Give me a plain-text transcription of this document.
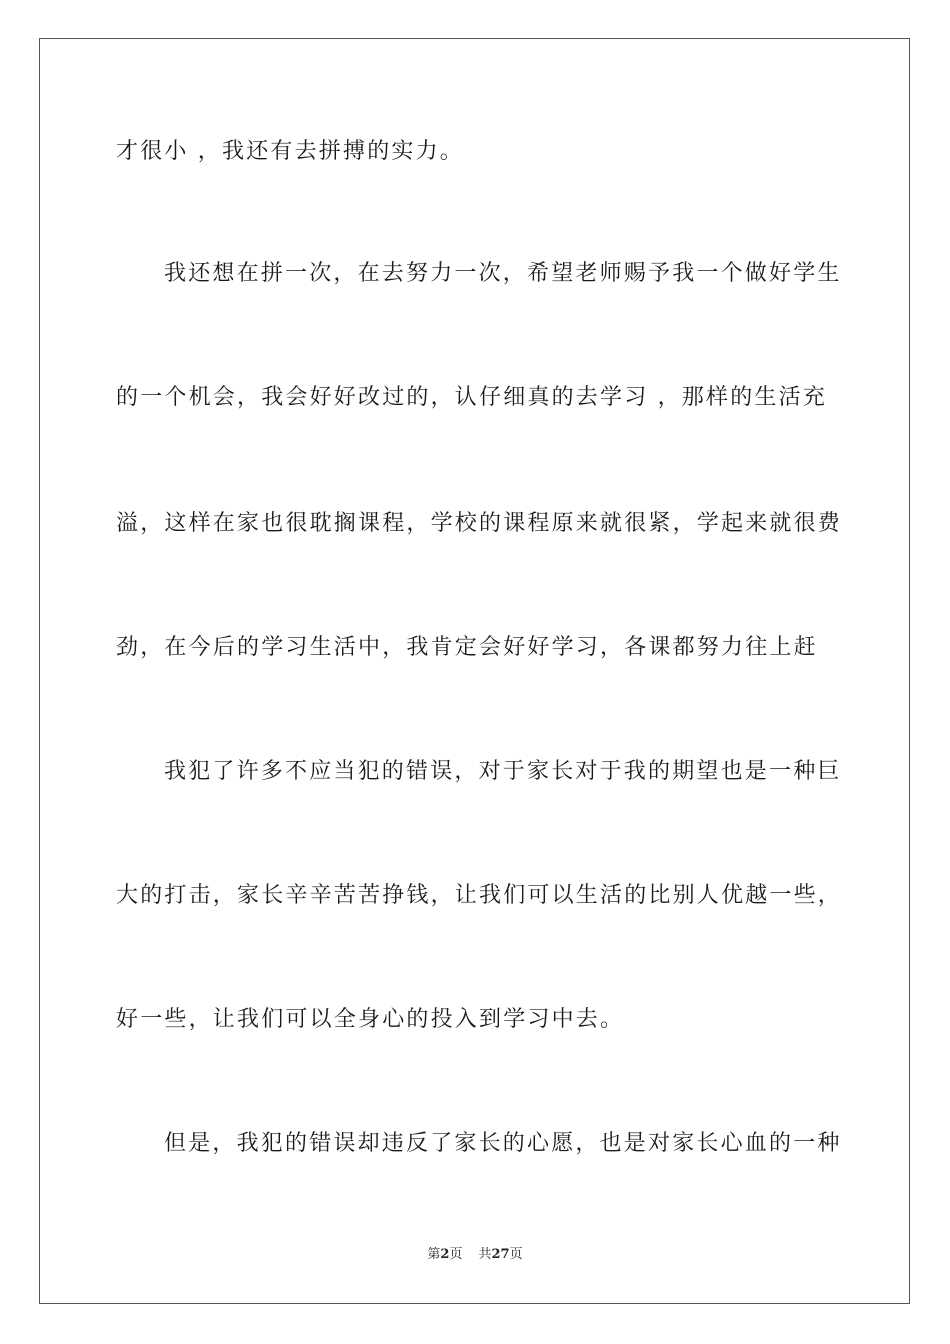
才很小 ，我还有去拼搏的实力。
我还想在拼一次，在去努力一次，希望老师赐予我一个做好学生
的一个机会，我会好好改过的，认仔细真的去学习 ，那样的生活充
溢，这样在家也很耽搁课程，学校的课程原来就很紧，学起来就很费
劲，在今后的学习生活中，我肯定会好好学习，各课都努力往上赶
我犯了许多不应当犯的错误，对于家长对于我的期望也是一种巨
大的打击，家长辛辛苦苦挣钱，让我们可以生活的比别人优越一些，
好一些，让我们可以全身心的投入到学习中去。
但是，我犯的错误却违反了家长的心愿，也是对家长心血的一种
第2页 共27页
